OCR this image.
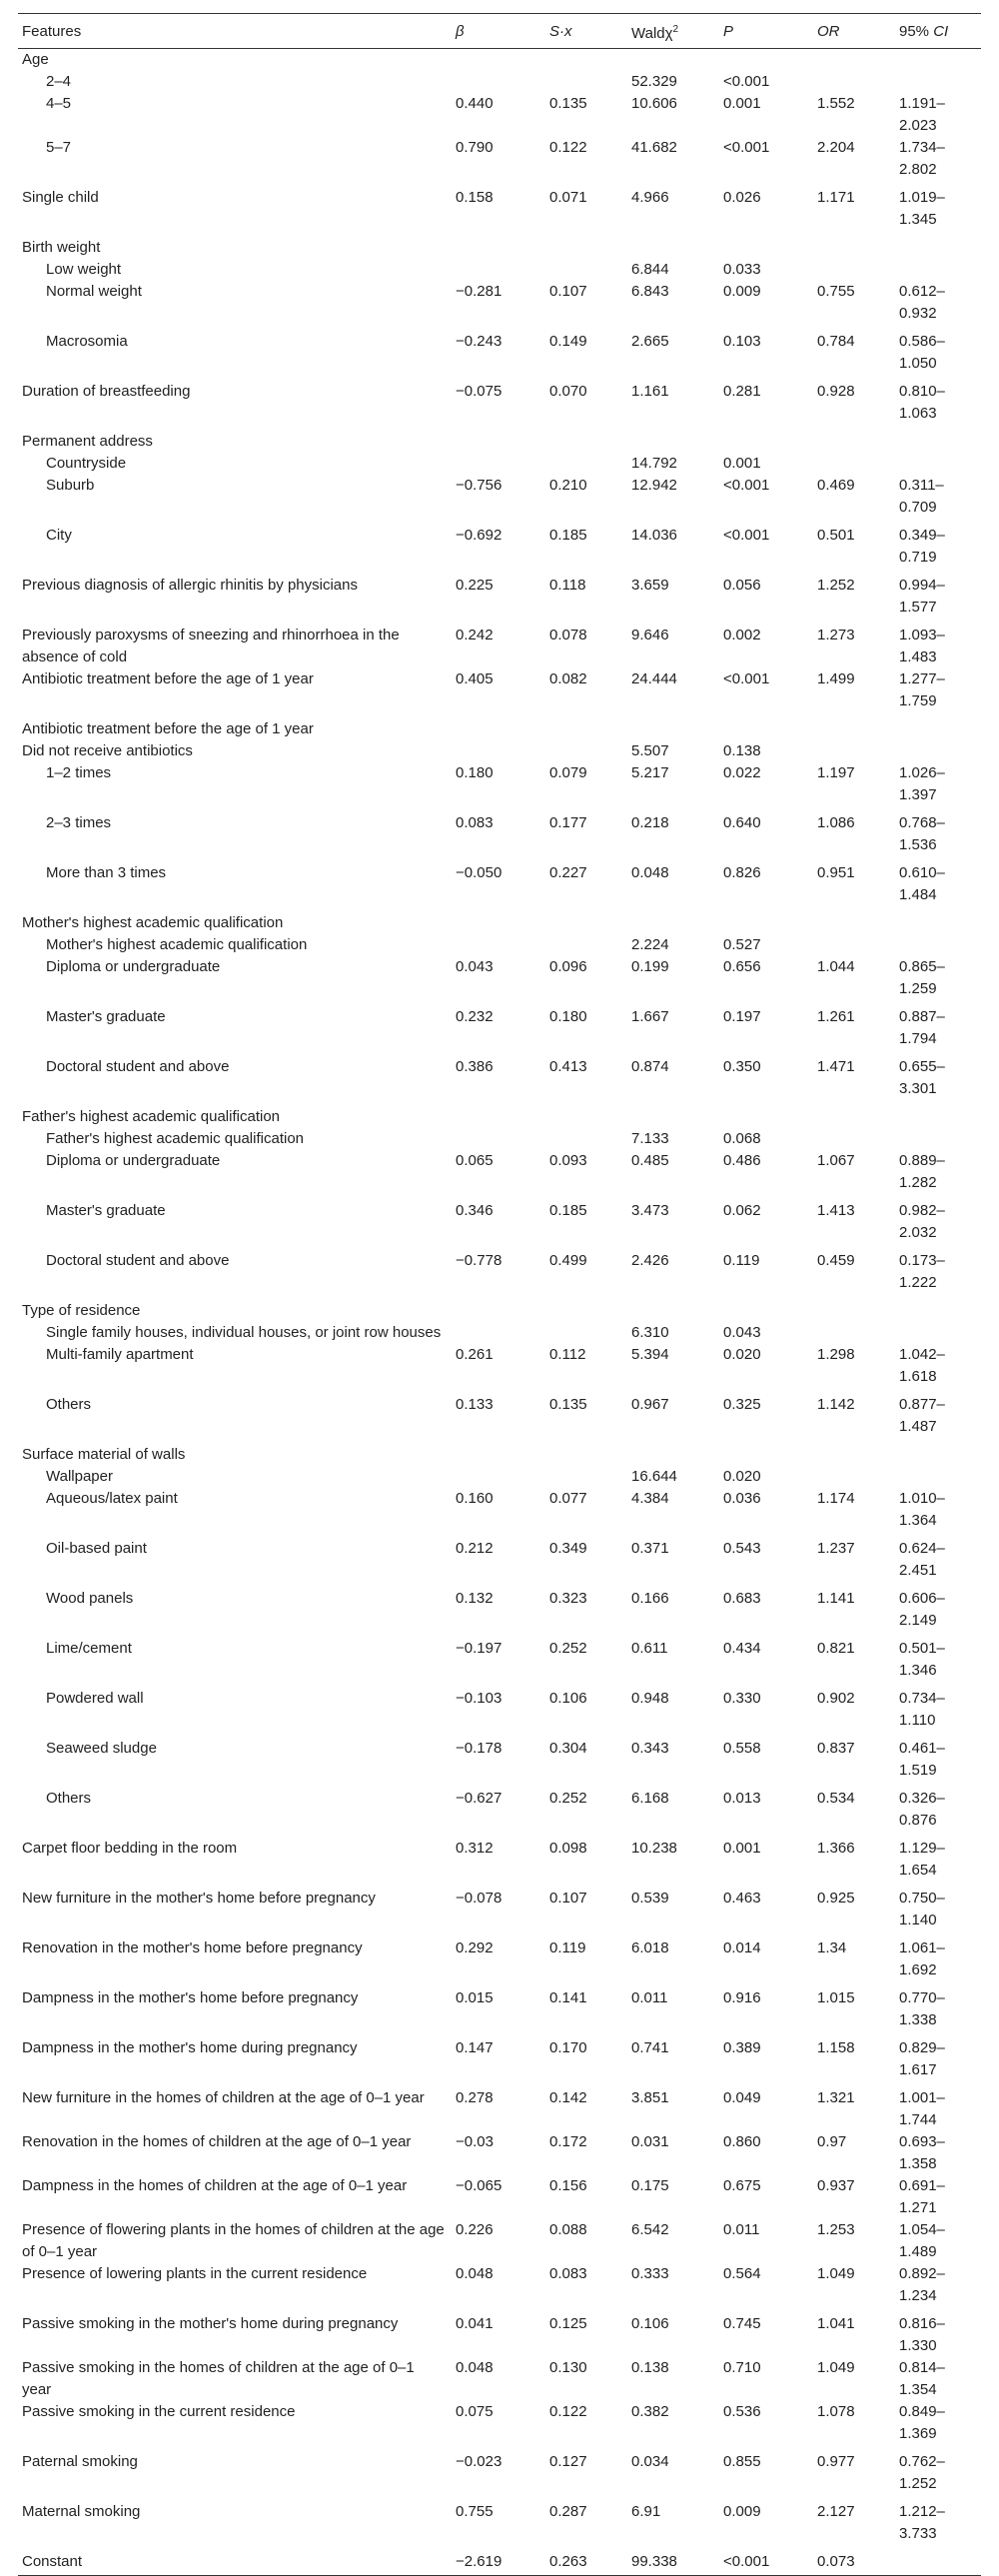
Features	β	S·x	Waldχ$^2$	P	OR	95% CI
Age						
2–4			52.329	<0.001		
4–5	0.440	0.135	10.606	0.001	1.552	1.191–2.023
5–7	0.790	0.122	41.682	<0.001	2.204	1.734–2.802
Single child	0.158	0.071	4.966	0.026	1.171	1.019–1.345
Birth weight						
Low weight			6.844	0.033		
Normal weight	−0.281	0.107	6.843	0.009	0.755	0.612–0.932
Macrosomia	−0.243	0.149	2.665	0.103	0.784	0.586–1.050
Duration of breastfeeding	−0.075	0.070	1.161	0.281	0.928	0.810–1.063
Permanent address						
Countryside			14.792	0.001		
Suburb	−0.756	0.210	12.942	<0.001	0.469	0.311–0.709
City	−0.692	0.185	14.036	<0.001	0.501	0.349–0.719
Previous diagnosis of allergic rhinitis by physicians	0.225	0.118	3.659	0.056	1.252	0.994–1.577
Previously paroxysms of sneezing and rhinorrhoea in the absence of cold	0.242	0.078	9.646	0.002	1.273	1.093–1.483
Antibiotic treatment before the age of 1 year	0.405	0.082	24.444	<0.001	1.499	1.277–1.759
Antibiotic treatment before the age of 1 year						
Did not receive antibiotics			5.507	0.138		
1–2 times	0.180	0.079	5.217	0.022	1.197	1.026–1.397
2–3 times	0.083	0.177	0.218	0.640	1.086	0.768–1.536
More than 3 times	−0.050	0.227	0.048	0.826	0.951	0.610–1.484
Mother's highest academic qualification						
Mother's highest academic qualification			2.224	0.527		
Diploma or undergraduate	0.043	0.096	0.199	0.656	1.044	0.865–1.259
Master's graduate	0.232	0.180	1.667	0.197	1.261	0.887–1.794
Doctoral student and above	0.386	0.413	0.874	0.350	1.471	0.655–3.301
Father's highest academic qualification						
Father's highest academic qualification			7.133	0.068		
Diploma or undergraduate	0.065	0.093	0.485	0.486	1.067	0.889–1.282
Master's graduate	0.346	0.185	3.473	0.062	1.413	0.982–2.032
Doctoral student and above	−0.778	0.499	2.426	0.119	0.459	0.173–1.222
Type of residence						
Single family houses, individual houses, or joint row houses			6.310	0.043		
Multi-family apartment	0.261	0.112	5.394	0.020	1.298	1.042–1.618
Others	0.133	0.135	0.967	0.325	1.142	0.877–1.487
Surface material of walls						
Wallpaper			16.644	0.020		
Aqueous/latex paint	0.160	0.077	4.384	0.036	1.174	1.010–1.364
Oil-based paint	0.212	0.349	0.371	0.543	1.237	0.624–2.451
Wood panels	0.132	0.323	0.166	0.683	1.141	0.606–2.149
Lime/cement	−0.197	0.252	0.611	0.434	0.821	0.501–1.346
Powdered wall	−0.103	0.106	0.948	0.330	0.902	0.734–1.110
Seaweed sludge	−0.178	0.304	0.343	0.558	0.837	0.461–1.519
Others	−0.627	0.252	6.168	0.013	0.534	0.326–0.876
Carpet floor bedding in the room	0.312	0.098	10.238	0.001	1.366	1.129–1.654
New furniture in the mother's home before pregnancy	−0.078	0.107	0.539	0.463	0.925	0.750–1.140
Renovation in the mother's home before pregnancy	0.292	0.119	6.018	0.014	1.34	1.061–1.692
Dampness in the mother's home before pregnancy	0.015	0.141	0.011	0.916	1.015	0.770–1.338
Dampness in the mother's home during pregnancy	0.147	0.170	0.741	0.389	1.158	0.829–1.617
New furniture in the homes of children at the age of 0–1 year	0.278	0.142	3.851	0.049	1.321	1.001–1.744
Renovation in the homes of children at the age of 0–1 year	−0.03	0.172	0.031	0.860	0.97	0.693–1.358
Dampness in the homes of children at the age of 0–1 year	−0.065	0.156	0.175	0.675	0.937	0.691–1.271
Presence of flowering plants in the homes of children at the age of 0–1 year	0.226	0.088	6.542	0.011	1.253	1.054–1.489
Presence of lowering plants in the current residence	0.048	0.083	0.333	0.564	1.049	0.892–1.234
Passive smoking in the mother's home during pregnancy	0.041	0.125	0.106	0.745	1.041	0.816–1.330
Passive smoking in the homes of children at the age of 0–1 year	0.048	0.130	0.138	0.710	1.049	0.814–1.354
Passive smoking in the current residence	0.075	0.122	0.382	0.536	1.078	0.849–1.369
Paternal smoking	−0.023	0.127	0.034	0.855	0.977	0.762–1.252
Maternal smoking	0.755	0.287	6.91	0.009	2.127	1.212–3.733
Constant	−2.619	0.263	99.338	<0.001	0.073	
